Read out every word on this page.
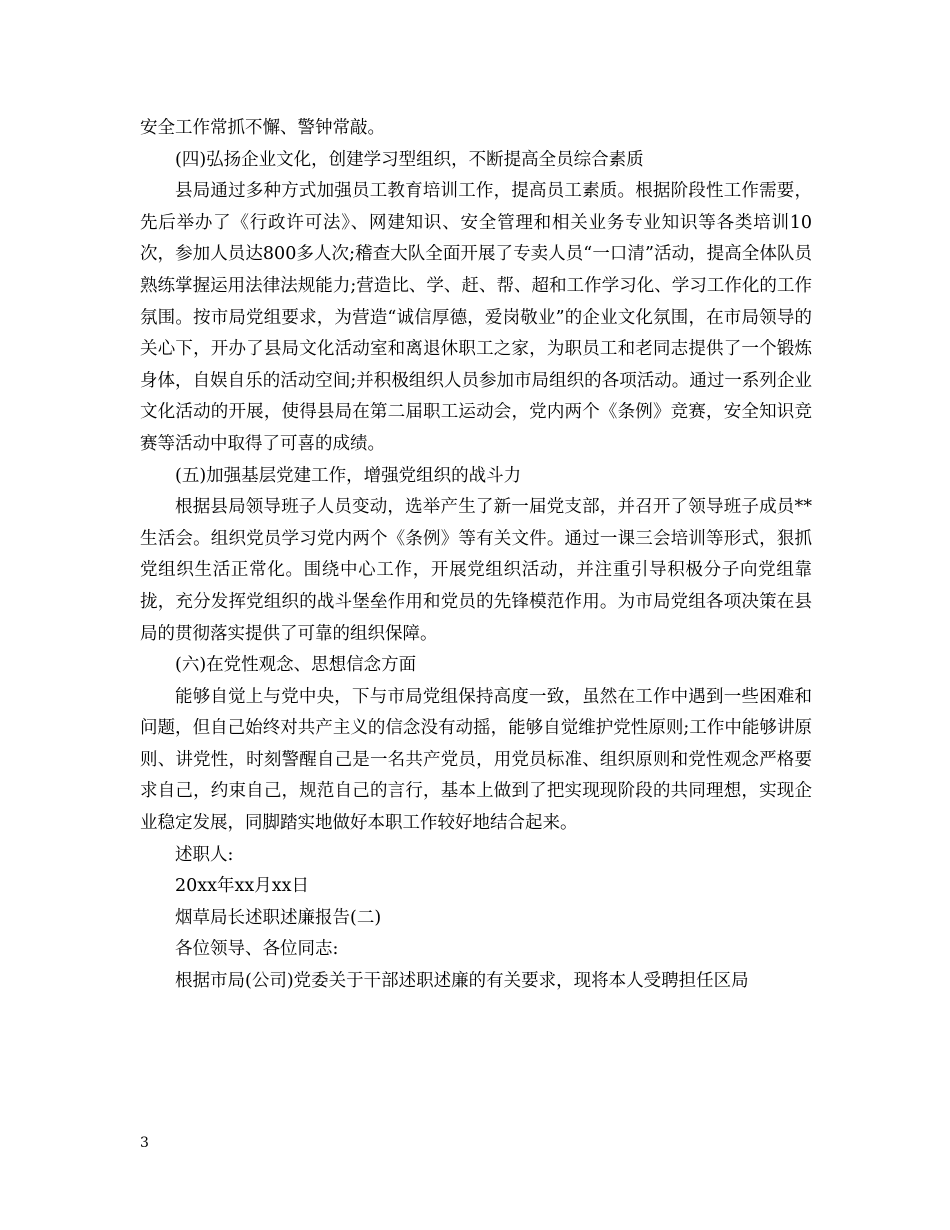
安全工作常抓不懈、警钟常敲。

(四)弘扬企业文化，创建学习型组织，不断提高全员综合素质

县局通过多种方式加强员工教育培训工作，提高员工素质。根据阶段性工作需要，先后举办了《行政许可法》、网建知识、安全管理和相关业务专业知识等各类培训10次，参加人员达800多人次;稽查大队全面开展了专卖人员“一口清”活动，提高全体队员熟练掌握运用法律法规能力;营造比、学、赶、帮、超和工作学习化、学习工作化的工作氛围。按市局党组要求，为营造“诚信厚德，爱岗敬业”的企业文化氛围，在市局领导的关心下，开办了县局文化活动室和离退休职工之家，为职员工和老同志提供了一个锻炼身体，自娱自乐的活动空间;并积极组织人员参加市局组织的各项活动。通过一系列企业文化活动的开展，使得县局在第二届职工运动会，党内两个《条例》竞赛，安全知识竞赛等活动中取得了可喜的成绩。

(五)加强基层党建工作，增强党组织的战斗力

根据县局领导班子人员变动，选举产生了新一届党支部，并召开了领导班子成员**生活会。组织党员学习党内两个《条例》等有关文件。通过一课三会培训等形式，狠抓党组织生活正常化。围绕中心工作，开展党组织活动，并注重引导积极分子向党组靠拢，充分发挥党组织的战斗堡垒作用和党员的先锋模范作用。为市局党组各项决策在县局的贯彻落实提供了可靠的组织保障。

(六)在党性观念、思想信念方面

能够自觉上与党中央，下与市局党组保持高度一致，虽然在工作中遇到一些困难和问题，但自己始终对共产主义的信念没有动摇，能够自觉维护党性原则;工作中能够讲原则、讲党性，时刻警醒自己是一名共产党员，用党员标准、组织原则和党性观念严格要求自己，约束自己，规范自己的言行，基本上做到了把实现现阶段的共同理想，实现企业稳定发展，同脚踏实地做好本职工作较好地结合起来。

述职人:

20xx年xx月xx日

烟草局长述职述廉报告(二)

各位领导、各位同志:

根据市局(公司)党委关于干部述职述廉的有关要求，现将本人受聘担任区局

3
